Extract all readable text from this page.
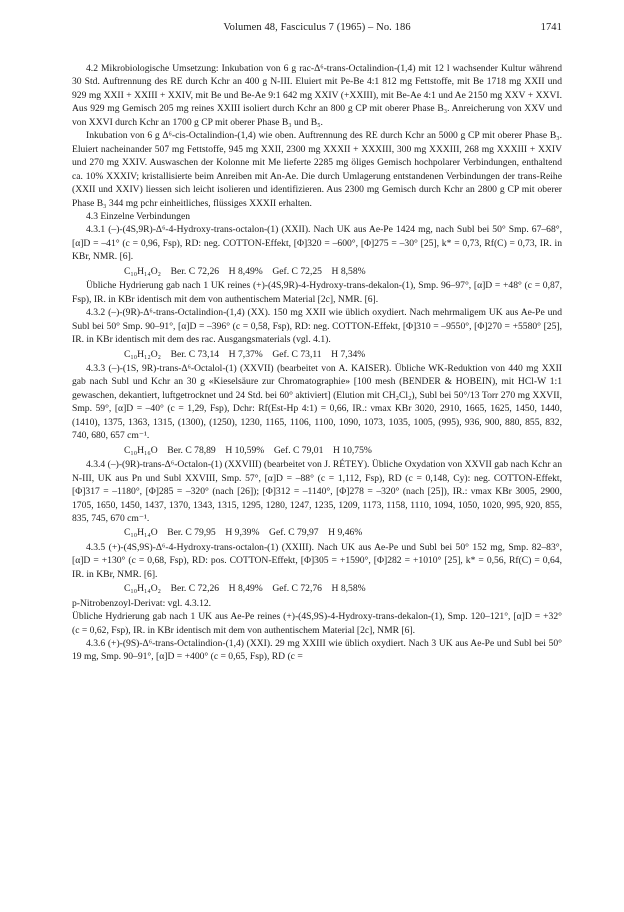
Volumen 48, Fasciculus 7 (1965) – No. 186	1741

4.2 Mikrobiologische Umsetzung: Inkubation von 6 g rac-Δ⁶-trans-Octalindion-(1,4) mit 12 l wachsender Kultur während 30 Std. Auftrennung des RE durch Kchr an 400 g N-III. Eluiert mit Pe-Be 4:1 812 mg Fettstoffe, mit Be 1718 mg XXII und 929 mg XXII + XXIII + XXIV, mit Be und Be-Ae 9:1 642 mg XXIV (+XXIII), mit Be-Ae 4:1 und Ae 2150 mg XXV + XXVI. Aus 929 mg Gemisch 205 mg reines XXIII isoliert durch Kchr an 800 g CP mit oberer Phase B₃. Anreicherung von XXV und von XXVI durch Kchr an 1700 g CP mit oberer Phase B₃ und B₅.

Inkubation von 6 g Δ⁶-cis-Octalindion-(1,4) wie oben. Auftrennung des RE durch Kchr an 5000 g CP mit oberer Phase B₃. Eluiert nacheinander 507 mg Fettstoffe, 945 mg XXII, 2300 mg XXXII + XXXIII, 300 mg XXXIII, 268 mg XXXIII + XXIV und 270 mg XXIV. Auswaschen der Kolonne mit Me lieferte 2285 mg öliges Gemisch hochpolarer Verbindungen, enthaltend ca. 10% XXXIV; kristallisierte beim Anreiben mit An-Ae. Die durch Umlagerung entstandenen Verbindungen der trans-Reihe (XXII und XXIV) liessen sich leicht isolieren und identifizieren. Aus 2300 mg Gemisch durch Kchr an 2800 g CP mit oberer Phase B₃ 344 mg pchr einheitliches, flüssiges XXXII erhalten.

4.3 Einzelne Verbindungen

4.3.1 (–)-(4S,9R)-Δ⁶-4-Hydroxy-trans-octalon-(1) (XXII). Nach UK aus Ae-Pe 1424 mg, nach Subl bei 50° Smp. 67–68°, [α]D = –41° (c = 0,96, Fsp), RD: neg. COTTON-Effekt, [Φ]320 = –600°, [Φ]275 = –30° [25], k* = 0,73, Rf(C) = 0,73, IR. in KBr, NMR. [6].

C₁₀H₁₄O₂    Ber. C 72,26    H 8,49%    Gef. C 72,25    H 8,58%

Übliche Hydrierung gab nach 1 UK reines (+)-(4S,9R)-4-Hydroxy-trans-dekalon-(1), Smp. 96–97°, [α]D = +48° (c = 0,87, Fsp), IR. in KBr identisch mit dem von authentischem Material [2c], NMR. [6].

4.3.2 (–)-(9R)-Δ⁶-trans-Octalindion-(1,4) (XX). 150 mg XXII wie üblich oxydiert. Nach mehrmaligem UK aus Ae-Pe und Subl bei 50° Smp. 90–91°, [α]D = –396° (c = 0,58, Fsp), RD: neg. COTTON-Effekt, [Φ]310 = –9550°, [Φ]270 = +5580° [25], IR. in KBr identisch mit dem des rac. Ausgangsmaterials (vgl. 4.1).

C₁₀H₁₂O₂    Ber. C 73,14    H 7,37%    Gef. C 73,11    H 7,34%

4.3.3 (–)-(1S, 9R)-trans-Δ⁶-Octalol-(1) (XXVII) (bearbeitet von A. KAISER). Übliche WK-Reduktion von 440 mg XXII gab nach Subl und Kchr an 30 g «Kieselsäure zur Chromatographie» [100 mesh (BENDER & HOBEIN), mit HCl-W 1:1 gewaschen, dekantiert, luftgetrocknet und 24 Std. bei 60° aktiviert] (Elution mit CH₂Cl₂), Subl bei 50°/13 Torr 270 mg XXVII, Smp. 59°, [α]D = –40° (c = 1,29, Fsp), Dchr: Rf(Est-Hp 4:1) = 0,66, IR.: νmax KBr 3020, 2910, 1665, 1625, 1450, 1440, (1410), 1375, 1363, 1315, (1300), (1250), 1230, 1165, 1106, 1100, 1090, 1073, 1035, 1005, (995), 936, 900, 880, 855, 832, 740, 680, 657 cm⁻¹.

C₁₀H₁₆O    Ber. C 78,89    H 10,59%    Gef. C 79,01    H 10,75%

4.3.4 (–)-(9R)-trans-Δ⁶-Octalon-(1) (XXVIII) (bearbeitet von J. RÉTEY). Übliche Oxydation von XXVII gab nach Kchr an N-III, UK aus Pn und Subl XXVIII, Smp. 57°, [α]D = –88° (c = 1,112, Fsp), RD (c = 0,148, Cy): neg. COTTON-Effekt, [Φ]317 = –1180°, [Φ]285 = –320° (nach [26]); [Φ]312 = –1140°, [Φ]278 = –320° (nach [25]), IR.: νmax KBr 3005, 2900, 1705, 1650, 1450, 1437, 1370, 1343, 1315, 1295, 1280, 1247, 1235, 1209, 1173, 1158, 1110, 1094, 1050, 1020, 995, 920, 855, 835, 745, 670 cm⁻¹.

C₁₀H₁₄O    Ber. C 79,95    H 9,39%    Gef. C 79,97    H 9,46%

4.3.5 (+)-(4S,9S)-Δ⁶-4-Hydroxy-trans-octalon-(1) (XXIII). Nach UK aus Ae-Pe und Subl bei 50° 152 mg, Smp. 82–83°, [α]D = +130° (c = 0,68, Fsp), RD: pos. COTTON-Effekt, [Φ]305 = +1590°, [Φ]282 = +1010° [25], k* = 0,56, Rf(C) = 0,64, IR. in KBr, NMR. [6].

C₁₀H₁₄O₂    Ber. C 72,26    H 8,49%    Gef. C 72,76    H 8,58%

p-Nitrobenzoyl-Derivat: vgl. 4.3.12.

Übliche Hydrierung gab nach 1 UK aus Ae-Pe reines (+)-(4S,9S)-4-Hydroxy-trans-dekalon-(1), Smp. 120–121°, [α]D = +32° (c = 0,62, Fsp), IR. in KBr identisch mit dem von authentischem Material [2c], NMR [6].

4.3.6 (+)-(9S)-Δ⁶-trans-Octalindion-(1,4) (XXI). 29 mg XXIII wie üblich oxydiert. Nach 3 UK aus Ae-Pe und Subl bei 50° 19 mg, Smp. 90–91°, [α]D = +400° (c = 0,65, Fsp), RD (c =
